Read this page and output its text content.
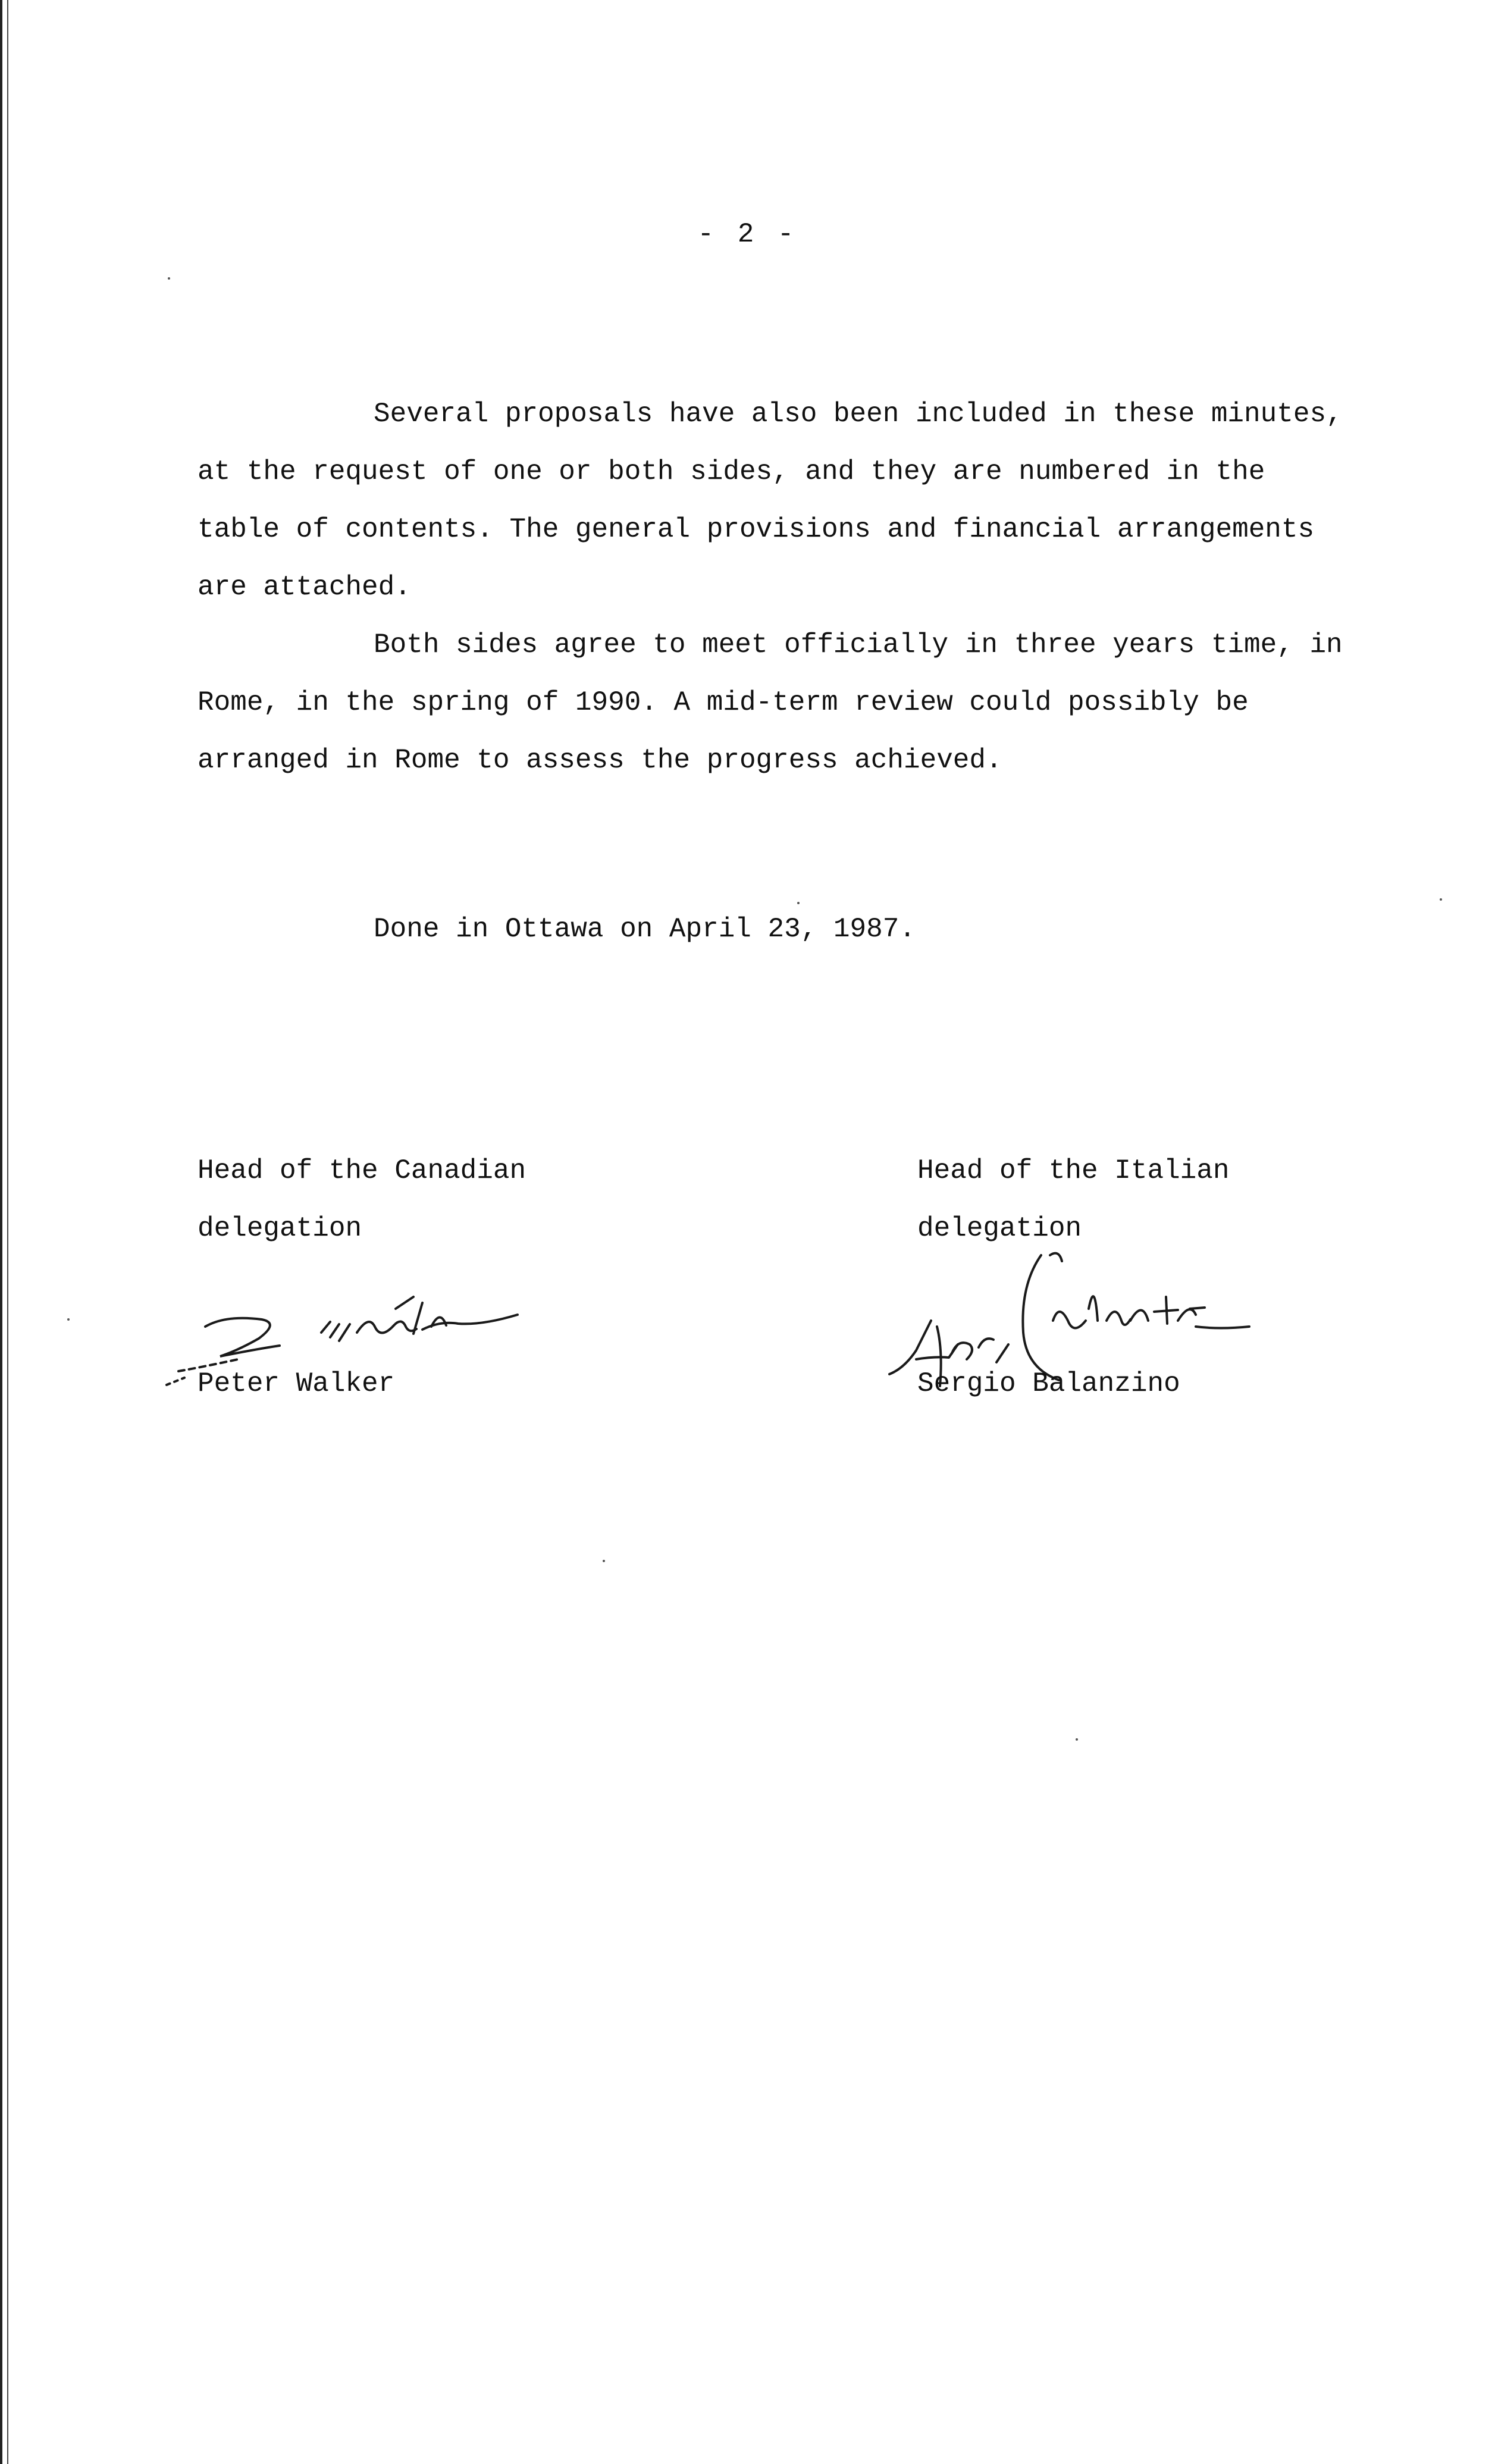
- 2 -
Several proposals have also been included in these minutes,
at the request of one or both sides, and they are numbered in the
table of contents. The general provisions and financial arrangements
are attached.
Both sides agree to meet officially in three years time, in
Rome, in the spring of 1990. A mid-term review could possibly be
arranged in Rome to assess the progress achieved.
Done in Ottawa on April 23, 1987.
Head of the Canadian
delegation
Peter Walker
Head of the Italian
delegation
Sergio Balanzino
